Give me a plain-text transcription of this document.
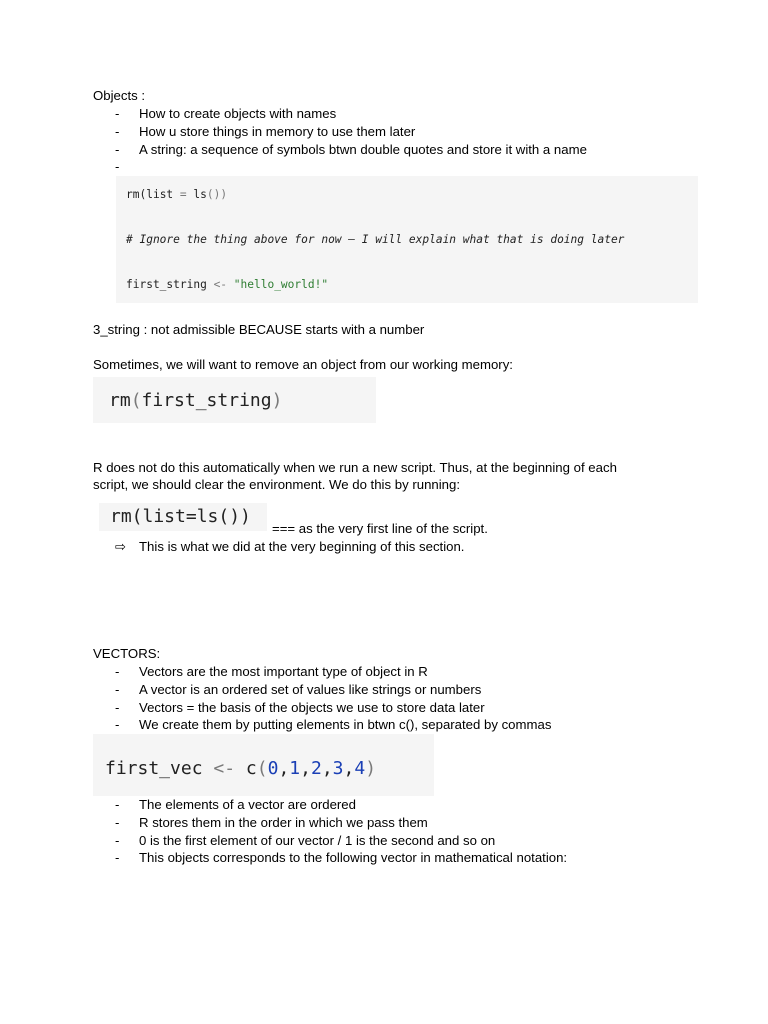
Objects :
- How to create objects with names
- How u store things in memory to use them later
- A string: a sequence of symbols btwn double quotes and store it with a name
-
rm(list = ls())
# Ignore the thing above for now — I will explain what that is doing later
first_string <- "hello_world!"
3_string : not admissible BECAUSE starts with a number
Sometimes, we will want to remove an object from our working memory:
rm(first_string)
R does not do this automatically when we run a new script. Thus, at the beginning of each
script, we should clear the environment. We do this by running:
rm(list=ls())
=== as the very first line of the script.
⇨ This is what we did at the very beginning of this section.
VECTORS:
- Vectors are the most important type of object in R
- A vector is an ordered set of values like strings or numbers
- Vectors = the basis of the objects we use to store data later
- We create them by putting elements in btwn c(), separated by commas
first_vec <- c(0,1,2,3,4)
- The elements of a vector are ordered
- R stores them in the order in which we pass them
- 0 is the first element of our vector / 1 is the second and so on
- This objects corresponds to the following vector in mathematical notation:
